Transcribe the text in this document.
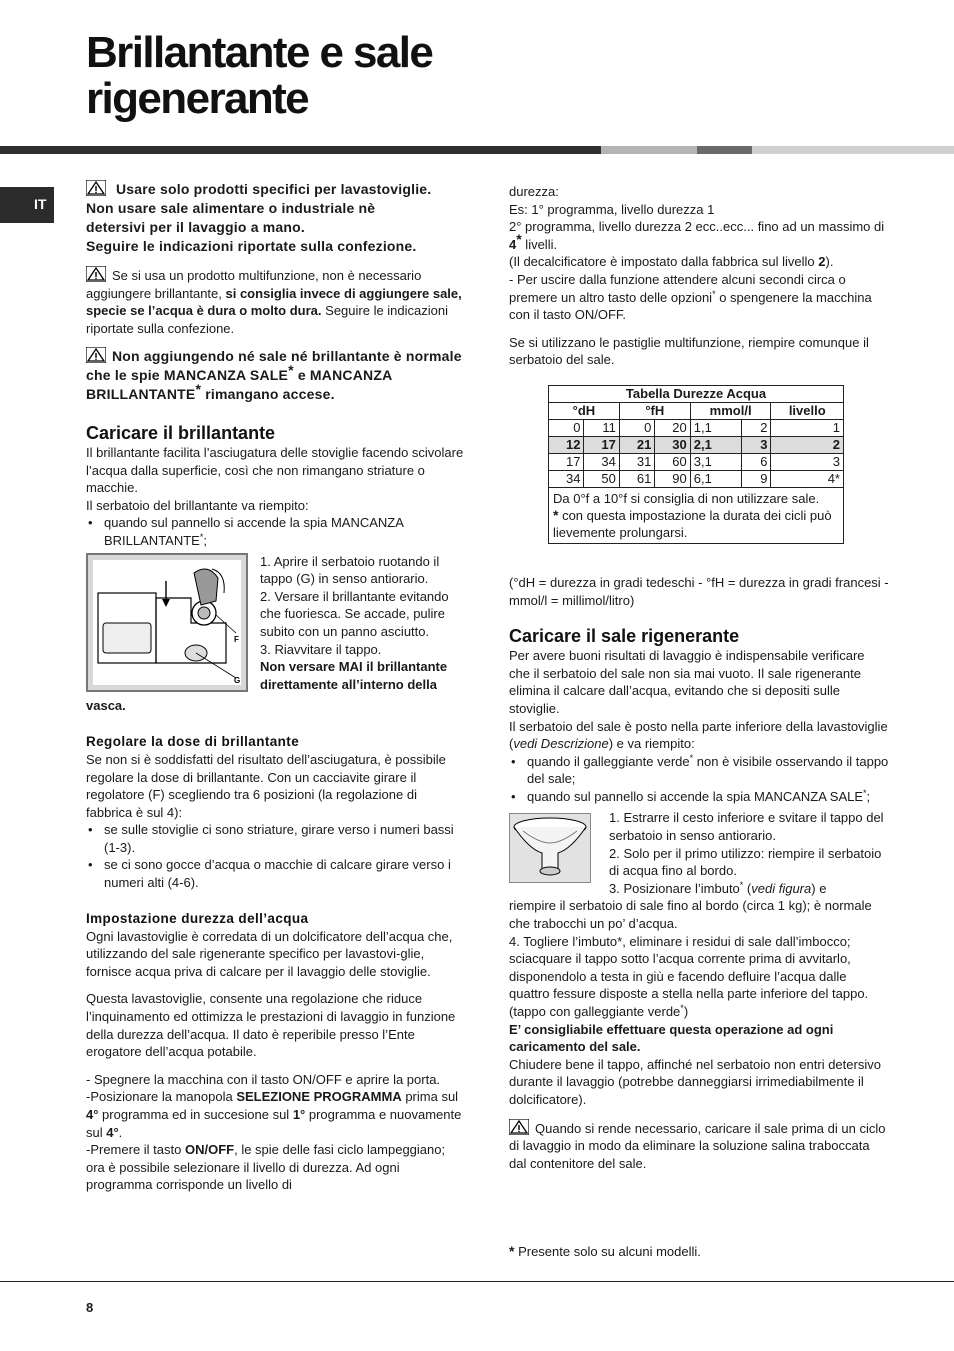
Brillantante e sale
rigenerante
IT
Usare solo prodotti specifici per lavastoviglie.
Non usare sale alimentare o industriale nè
detersivi per il lavaggio a mano.
Seguire le indicazioni riportate sulla confezione.

Se si usa un prodotto multifunzione, non è necessario aggiungere brillantante, si consiglia invece di aggiungere sale, specie se l’acqua è dura o molto dura. Seguire le indicazioni riportate sulla confezione.

Non aggiungendo né sale né brillantante è normale che le spie MANCANZA SALE* e MANCANZA BRILLANTANTE* rimangano accese.

Caricare il brillantante

Il brillantante facilita l’asciugatura delle stoviglie facendo scivolare l’acqua dalla superficie, così che non rimangano striature o macchie.

Il serbatoio del brillantante va riempito:

• quando sul pannello si accende la spia MANCANZA BRILLANTANTE*;
F
G

1. Aprire il serbatoio ruotando il tappo (G) in senso antiorario.

2. Versare il brillantante evitando che fuoriesca. Se accade, pulire subito con un panno asciutto.

3. Riavvitare il tappo.

Non versare MAI il brillantante direttamente all’interno della

vasca.

Regolare la dose di brillantante

Se non si è soddisfatti del risultato dell’asciugatura, è possibile regolare la dose di brillantante. Con un cacciavite girare il regolatore (F) scegliendo tra 6 posizioni (la regolazione di fabbrica è sul 4):

• se sulle stoviglie ci sono striature, girare verso i numeri bassi (1-3).
• se ci sono gocce d’acqua o macchie di calcare girare verso i numeri alti (4-6).
Impostazione durezza dell’acqua

Ogni lavastoviglie è corredata di un dolcificatore dell’acqua che, utilizzando del sale rigenerante specifico per lavastovi-glie, fornisce acqua priva di calcare per il lavaggio delle stoviglie.

Questa lavastoviglie, consente una regolazione che riduce l’inquinamento ed ottimizza le prestazioni di lavaggio in funzione della durezza dell’acqua. Il dato è reperibile presso l’Ente erogatore dell’acqua potabile.

- Spegnere la macchina con il tasto ON/OFF e aprire la porta.

-Posizionare la manopola SELEZIONE PROGRAMMA prima sul 4° programma ed in succesione sul 1° programma e nuovamente sul 4°.

-Premere il tasto ON/OFF, le spie delle fasi ciclo lampeggiano; ora è possibile selezionare il livello di durezza. Ad ogni programma corrisponde un livello di

durezza:

Es: 1° programma, livello durezza 1

2° programma, livello durezza 2 ecc..ecc... fino ad un massimo di 4* livelli.

(Il decalcificatore è impostato dalla fabbrica sul livello 2).

- Per uscire dalla funzione attendere alcuni secondi circa o premere un altro tasto delle opzioni* o spengenere la macchina con il tasto ON/OFF.

Se si utilizzano le pastiglie multifunzione, riempire comunque il serbatoio del sale.

Tabella Durezze Acqua						
°dH		°fH		mmol/l		livello
0	11	0	20	1,1	2	1
12	17	21	30	2,1	3	2
17	34	31	60	3,1	6	3
34	50	61	90	6,1	9	4*

Da 0°f a 10°f si consiglia di non utilizzare sale.
* con questa impostazione la durata dei cicli può lievemente prolungarsi.						

(°dH = durezza in gradi tedeschi - °fH = durezza in gradi francesi - mmol/l = millimol/litro)

Caricare il sale rigenerante

Per avere buoni risultati di lavaggio è indispensabile verificare che il serbatoio del sale non sia mai vuoto. Il sale rigenerante elimina il calcare dall’acqua, evitando che si depositi sulle stoviglie.

Il serbatoio del sale è posto nella parte inferiore della lavastoviglie (vedi Descrizione) e va riempito:

• quando il galleggiante verde* non è visibile osservando il tappo del sale;
• quando sul pannello si accende la spia MANCANZA SALE*;

1. Estrarre il cesto inferiore e svitare il tappo del serbatoio in senso antiorario.

2. Solo per il primo utilizzo: riempire il serbatoio di acqua fino al bordo.

3. Posizionare l’imbuto* (vedi figura) e

riempire il serbatoio di sale fino al bordo (circa 1 kg); è normale che trabocchi un po’ d’acqua.

4. Togliere l’imbuto*, eliminare i residui di sale dall’imboccο; sciacquare il tappo sotto l’acqua corrente prima di avvitarlo, disponendolo a testa in giù e facendo defluire l’acqua dalle quattro fessure disposte a stella nella parte inferiore del tappo. (tappo con galleggiante verde*)

E’ consigliabile effettuare questa operazione ad ogni caricamento del sale.

Chiudere bene il tappo, affinché nel serbatoio non entri detersivo durante il lavaggio (potrebbe danneggiarsi irrimediabilmente il dolcificatore).

Quando si rende necessario, caricare il sale prima di un ciclo di lavaggio in modo da eliminare la soluzione salina traboccata dal contenitore del sale.

* Presente solo su alcuni modelli.
8
